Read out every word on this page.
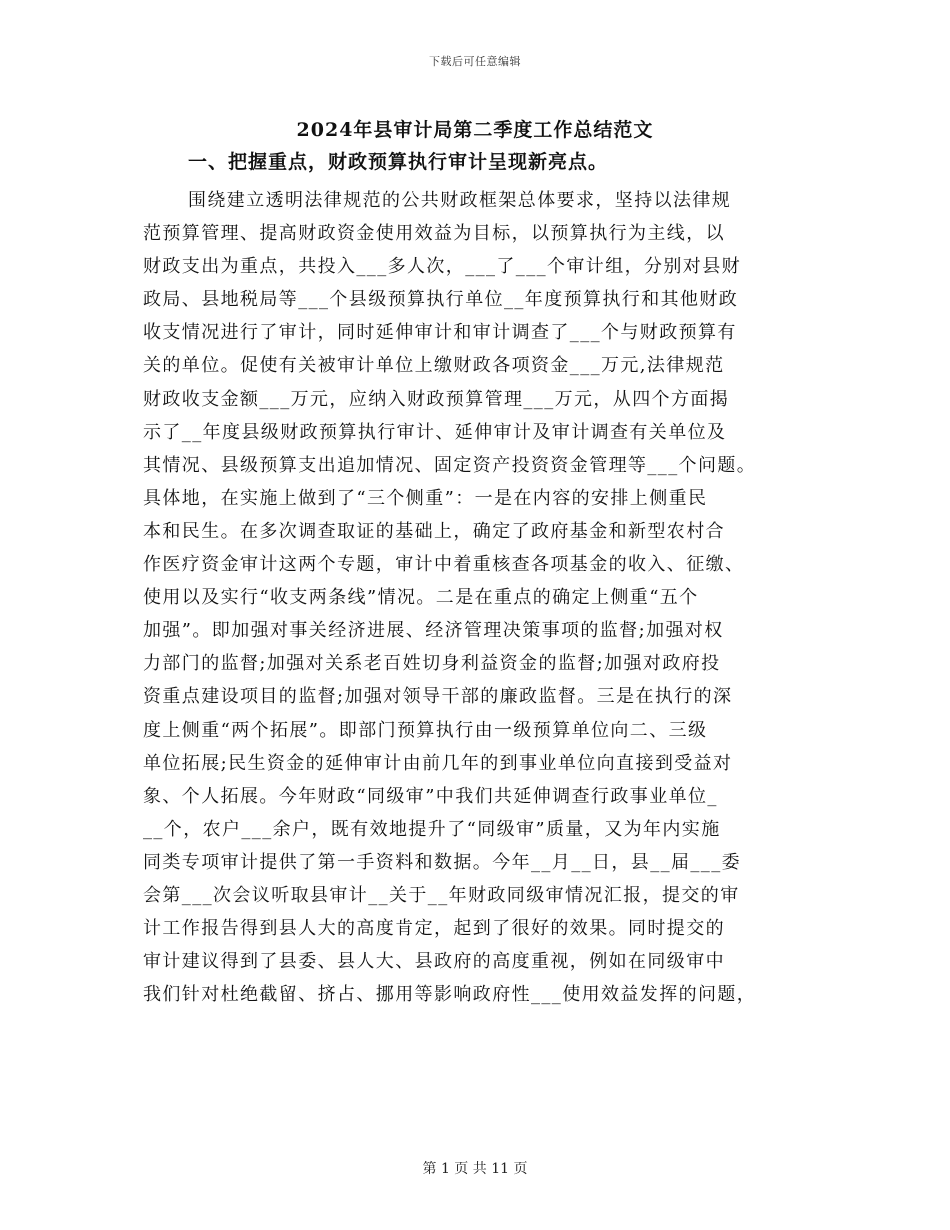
下载后可任意编辑
2024年县审计局第二季度工作总结范文
一、把握重点，财政预算执行审计呈现新亮点。
围绕建立透明法律规范的公共财政框架总体要求，坚持以法律规
范预算管理、提高财政资金使用效益为目标，以预算执行为主线，以
财政支出为重点，共投入___多人次，___了___个审计组，分别对县财
政局、县地税局等___个县级预算执行单位__年度预算执行和其他财政
收支情况进行了审计，同时延伸审计和审计调查了___个与财政预算有
关的单位。促使有关被审计单位上缴财政各项资金___万元,法律规范
财政收支金额___万元，应纳入财政预算管理___万元，从四个方面揭
示了__年度县级财政预算执行审计、延伸审计及审计调查有关单位及
其情况、县级预算支出追加情况、固定资产投资资金管理等___个问题。
具体地，在实施上做到了“三个侧重”：一是在内容的安排上侧重民
本和民生。在多次调查取证的基础上，确定了政府基金和新型农村合
作医疗资金审计这两个专题，审计中着重核查各项基金的收入、征缴、
使用以及实行“收支两条线”情况。二是在重点的确定上侧重“五个
加强”。即加强对事关经济进展、经济管理决策事项的监督;加强对权
力部门的监督;加强对关系老百姓切身利益资金的监督;加强对政府投
资重点建设项目的监督;加强对领导干部的廉政监督。三是在执行的深
度上侧重“两个拓展”。即部门预算执行由一级预算单位向二、三级
单位拓展;民生资金的延伸审计由前几年的到事业单位向直接到受益对
象、个人拓展。今年财政“同级审”中我们共延伸调查行政事业单位_
__个，农户___余户，既有效地提升了“同级审”质量，又为年内实施
同类专项审计提供了第一手资料和数据。今年__月__日，县__届___委
会第___次会议听取县审计__关于__年财政同级审情况汇报，提交的审
计工作报告得到县人大的高度肯定，起到了很好的效果。同时提交的
审计建议得到了县委、县人大、县政府的高度重视，例如在同级审中
我们针对杜绝截留、挤占、挪用等影响政府性___使用效益发挥的问题，
第 1 页 共 11 页
